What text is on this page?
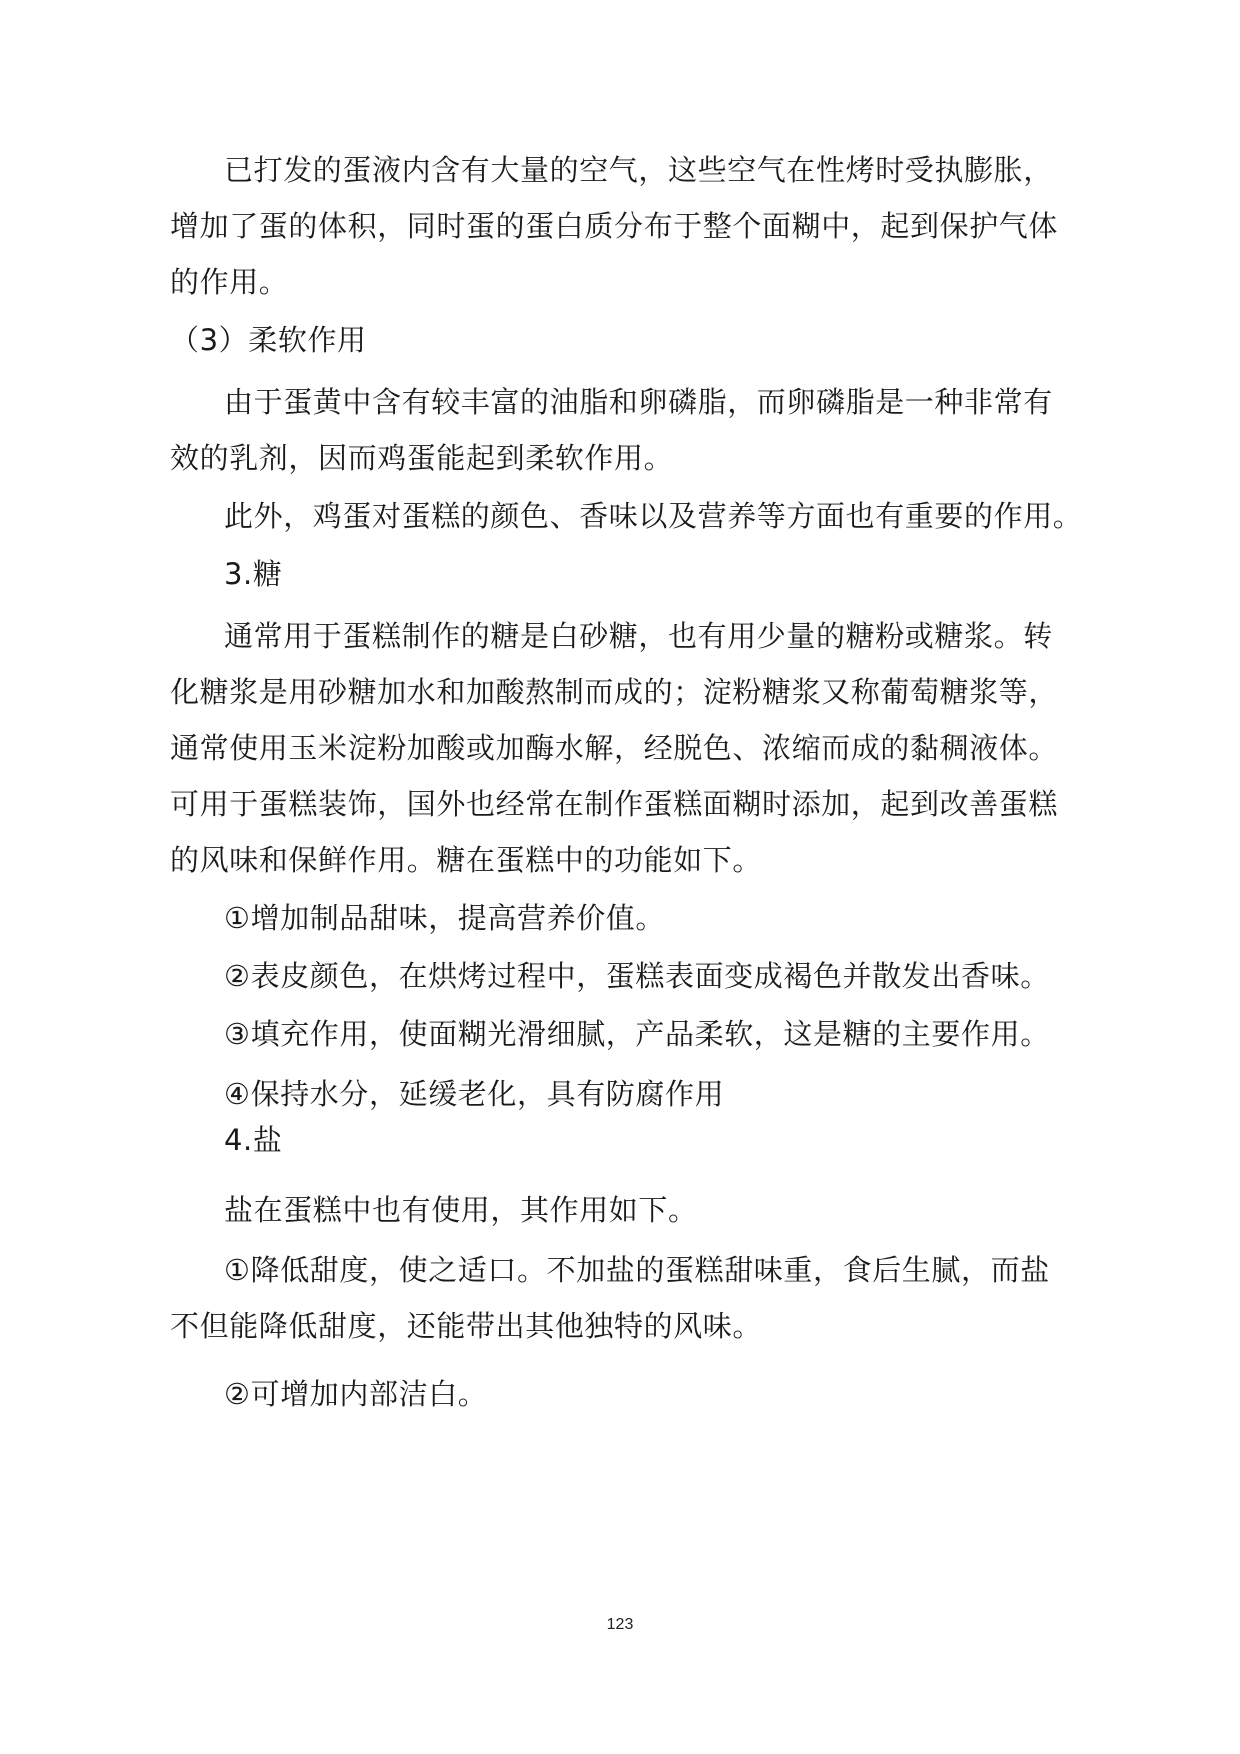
已打发的蛋液内含有大量的空气，这些空气在性烤时受执膨胀，

增加了蛋的体积，同时蛋的蛋白质分布于整个面糊中，起到保护气体

的作用。

（3）柔软作用

由于蛋黄中含有较丰富的油脂和卵磷脂，而卵磷脂是一种非常有

效的乳剂，因而鸡蛋能起到柔软作用。

此外，鸡蛋对蛋糕的颜色、香味以及营养等方面也有重要的作用。

3.糖

通常用于蛋糕制作的糖是白砂糖，也有用少量的糖粉或糖浆。转

化糖浆是用砂糖加水和加酸熬制而成的；淀粉糖浆又称葡萄糖浆等，

通常使用玉米淀粉加酸或加酶水解，经脱色、浓缩而成的黏稠液体。

可用于蛋糕装饰，国外也经常在制作蛋糕面糊时添加，起到改善蛋糕

的风味和保鲜作用。糖在蛋糕中的功能如下。

①增加制品甜味，提高营养价值。

②表皮颜色，在烘烤过程中，蛋糕表面变成褐色并散发出香味。

③填充作用，使面糊光滑细腻，产品柔软，这是糖的主要作用。

④保持水分，延缓老化，具有防腐作用

4.盐

盐在蛋糕中也有使用，其作用如下。

①降低甜度，使之适口。不加盐的蛋糕甜味重，食后生腻，而盐

不但能降低甜度，还能带出其他独特的风味。

②可增加内部洁白。

123
